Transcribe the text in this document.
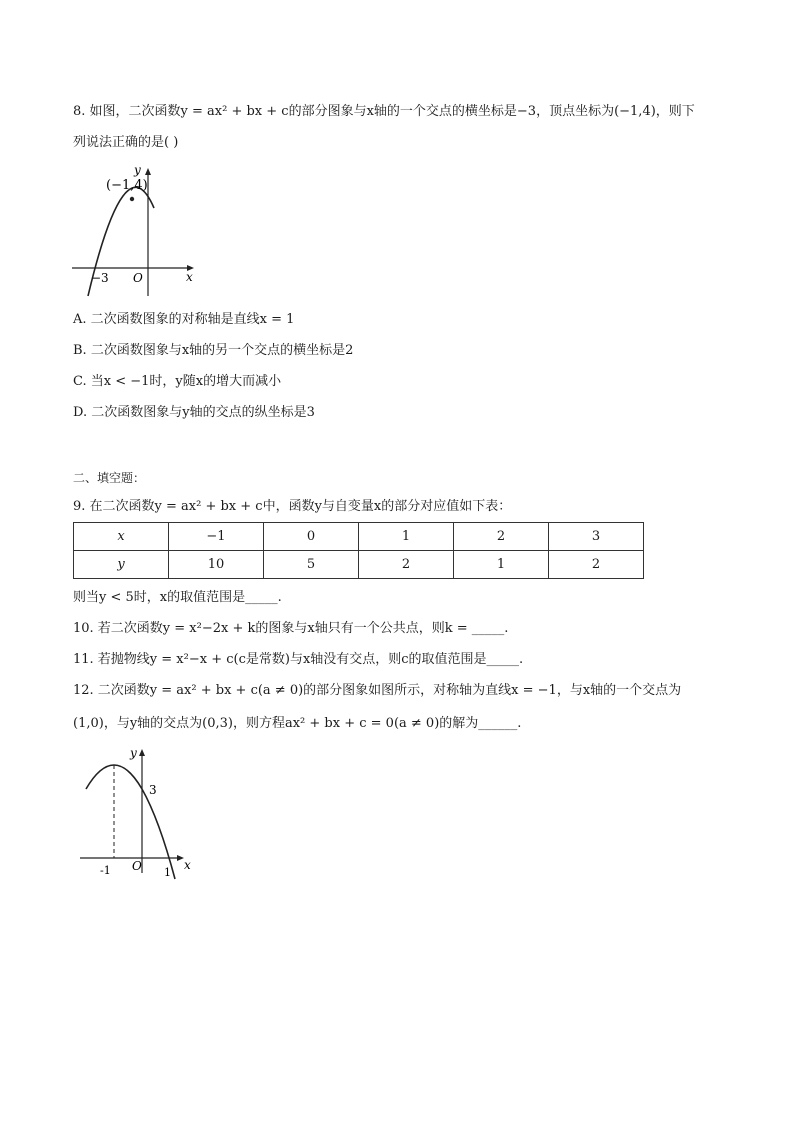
8. 如图，二次函数y = ax² + bx + c的部分图象与x轴的一个交点的横坐标是−3，顶点坐标为(−1,4)，则下
列说法正确的是( )
(−1,4)
−3 O	x
y
A. 二次函数图象的对称轴是直线x = 1
B. 二次函数图象与x轴的另一个交点的横坐标是2
C. 当x < −1时，y随x的增大而减小
D. 二次函数图象与y轴的交点的纵坐标是3
二、填空题：
9. 在二次函数y = ax² + bx + c中，函数y与自变量x的部分对应值如下表：
x	−1	0	1	2	3
y	10	5	2	1	2
则当y < 5时，x的取值范围是_____.
10. 若二次函数y = x²−2x + k的图象与x轴只有一个公共点，则k = _____.
11. 若抛物线y = x²−x + c(c是常数)与x轴没有交点，则c的取值范围是_____.
12. 二次函数y = ax² + bx + c(a ≠ 0)的部分图象如图所示，对称轴为直线x = −1，与x轴的一个交点为
(1,0)，与y轴的交点为(0,3)，则方程ax² + bx + c = 0(a ≠ 0)的解为______.
3
-1 O 1
x
y
